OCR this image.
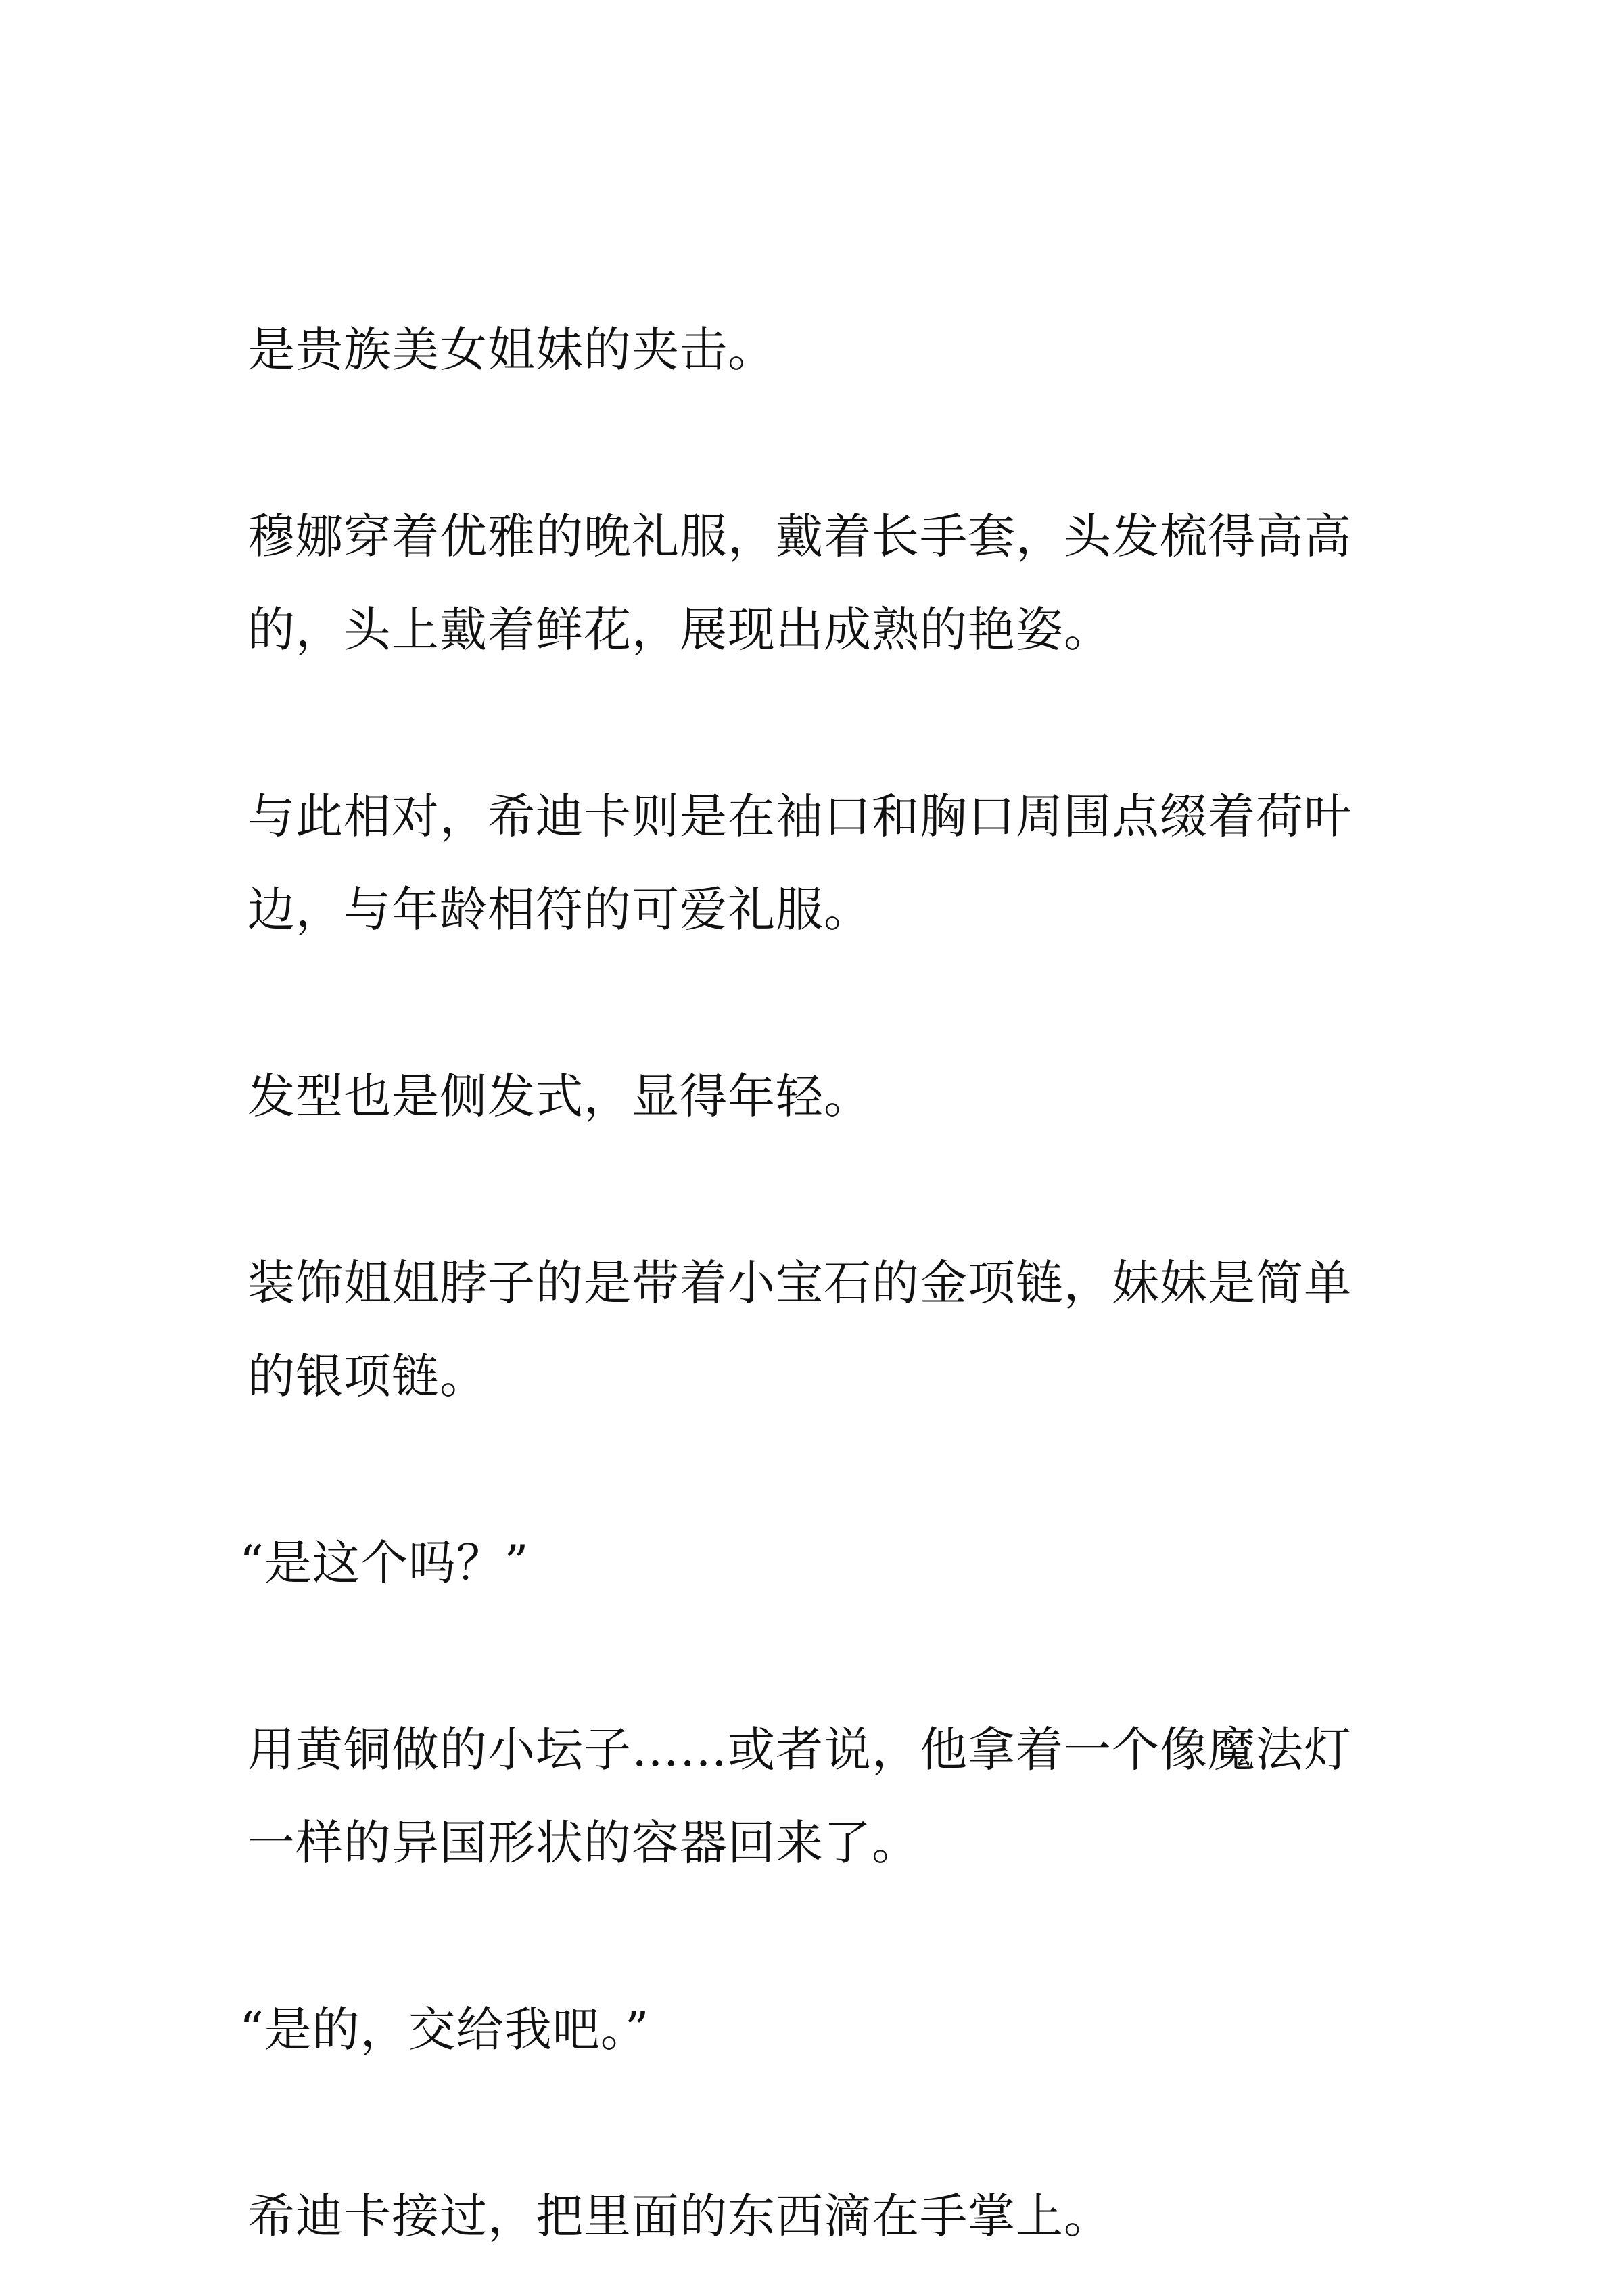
是贵族美女姐妹的夹击。

穆娜穿着优雅的晚礼服，戴着长手套，头发梳得高高的，头上戴着鲜花，展现出成熟的艳姿。

与此相对，希迪卡则是在袖口和胸口周围点缀着荷叶边，与年龄相符的可爱礼服。

发型也是侧发式，显得年轻。

装饰姐姐脖子的是带着小宝石的金项链，妹妹是简单的银项链。

“是这个吗？”

用黄铜做的小坛子……或者说，他拿着一个像魔法灯一样的异国形状的容器回来了。

“是的，交给我吧。”

希迪卡接过，把里面的东西滴在手掌上。
